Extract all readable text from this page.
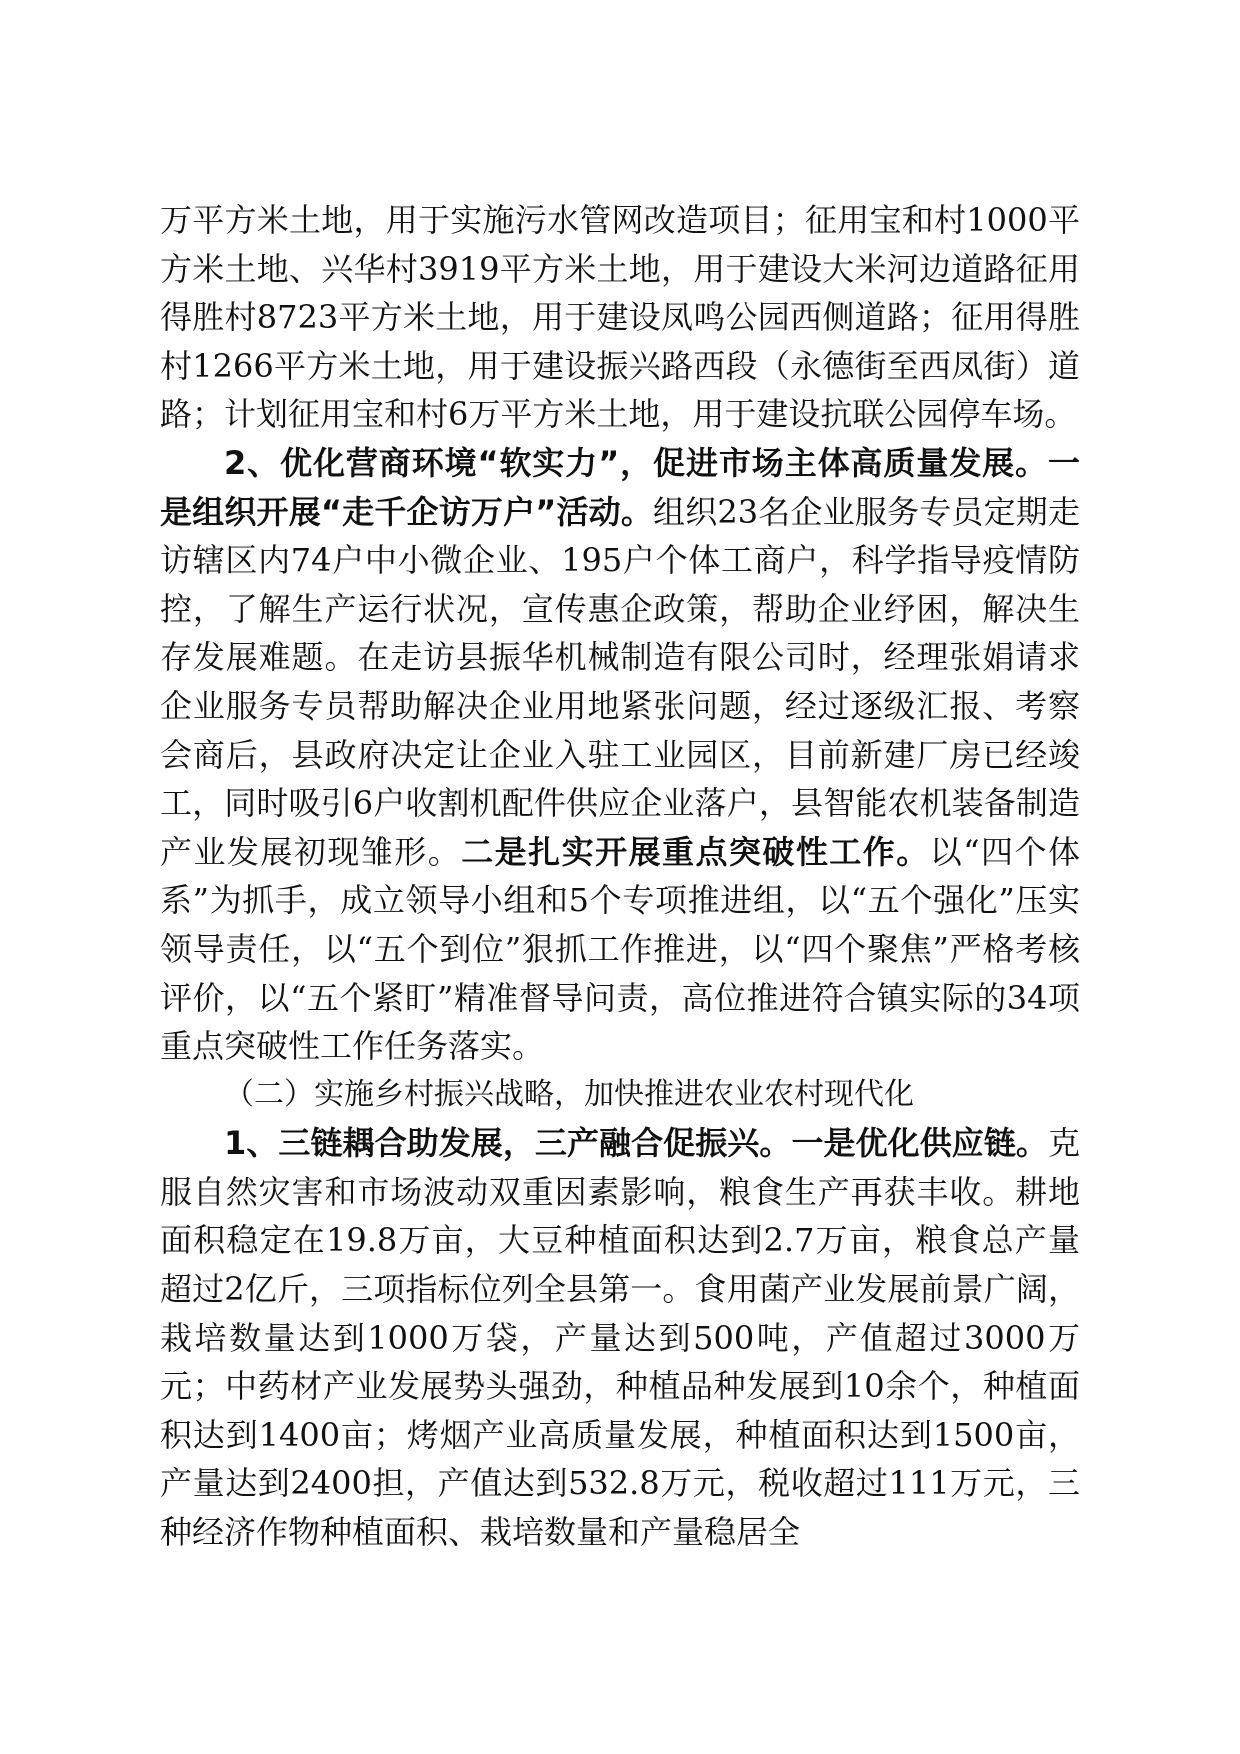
万平方米土地，用于实施污水管网改造项目；征用宝和村1000平方米土地、兴华村3919平方米土地，用于建设大米河边道路征用得胜村8723平方米土地，用于建设凤鸣公园西侧道路；征用得胜村1266平方米土地，用于建设振兴路西段（永德街至西凤街）道路；计划征用宝和村6万平方米土地，用于建设抗联公园停车场。

2、优化营商环境“软实力”，促进市场主体高质量发展。一是组织开展“走千企访万户”活动。组织23名企业服务专员定期走访辖区内74户中小微企业、195户个体工商户，科学指导疫情防控，了解生产运行状况，宣传惠企政策，帮助企业纾困，解决生存发展难题。在走访县振华机械制造有限公司时，经理张娟请求企业服务专员帮助解决企业用地紧张问题，经过逐级汇报、考察会商后，县政府决定让企业入驻工业园区，目前新建厂房已经竣工，同时吸引6户收割机配件供应企业落户，县智能农机装备制造产业发展初现雏形。二是扎实开展重点突破性工作。以“四个体系”为抓手，成立领导小组和5个专项推进组，以“五个强化”压实领导责任，以“五个到位”狠抓工作推进，以“四个聚焦”严格考核评价，以“五个紧盯”精准督导问责，高位推进符合镇实际的34项重点突破性工作任务落实。

（二）实施乡村振兴战略，加快推进农业农村现代化

1、三链耦合助发展，三产融合促振兴。一是优化供应链。克服自然灾害和市场波动双重因素影响，粮食生产再获丰收。耕地面积稳定在19.8万亩，大豆种植面积达到2.7万亩，粮食总产量超过2亿斤，三项指标位列全县第一。食用菌产业发展前景广阔，栽培数量达到1000万袋，产量达到500吨，产值超过3000万元；中药材产业发展势头强劲，种植品种发展到10余个，种植面积达到1400亩；烤烟产业高质量发展，种植面积达到1500亩，产量达到2400担，产值达到532.8万元，税收超过111万元，三种经济作物种植面积、栽培数量和产量稳居全
